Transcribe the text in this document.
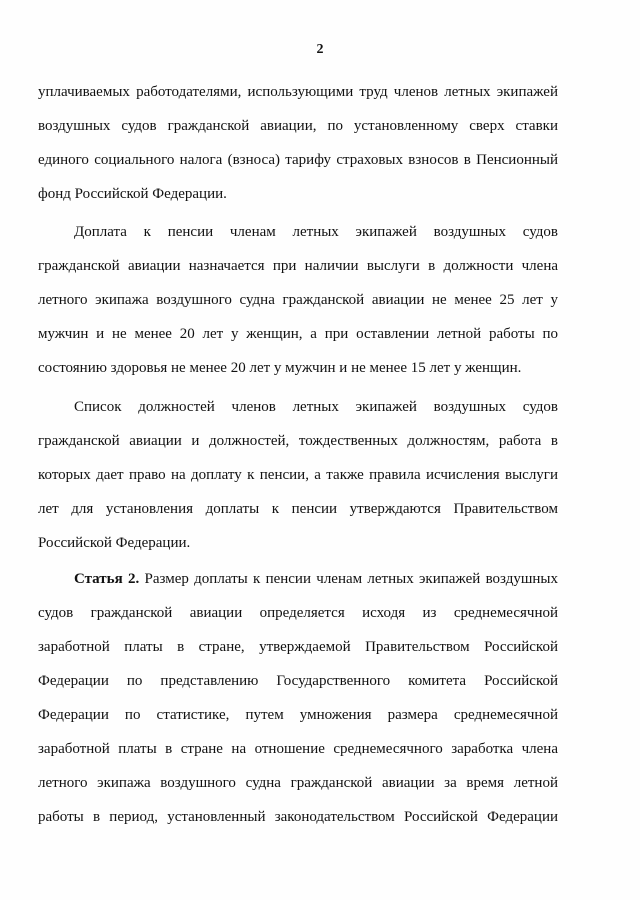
2
уплачиваемых работодателями, использующими труд членов летных экипажей
воздушных судов гражданской авиации, по установленному сверх ставки
единого социального налога (взноса) тарифу страховых взносов в Пенсионный
фонд Российской Федерации.
Доплата к пенсии членам летных экипажей воздушных судов
гражданской авиации назначается при наличии выслуги в должности члена
летного экипажа воздушного судна гражданской авиации не менее 25 лет у
мужчин и не менее 20 лет у женщин, а при оставлении летной работы по
состоянию здоровья не менее 20 лет у мужчин и не менее 15 лет у женщин.
Список должностей членов летных экипажей воздушных судов
гражданской авиации и должностей, тождественных должностям, работа в
которых дает право на доплату к пенсии, а также правила исчисления выслуги
лет для установления доплаты к пенсии утверждаются Правительством
Российской Федерации.
Статья 2. Размер доплаты к пенсии членам летных экипажей воздушных
судов гражданской авиации определяется исходя из среднемесячной
заработной платы в стране, утверждаемой Правительством Российской
Федерации по представлению Государственного комитета Российской
Федерации по статистике, путем умножения размера среднемесячной
заработной платы в стране на отношение среднемесячного заработка члена
летного экипажа воздушного судна гражданской авиации за время летной
работы в период, установленный законодательством Российской Федерации
